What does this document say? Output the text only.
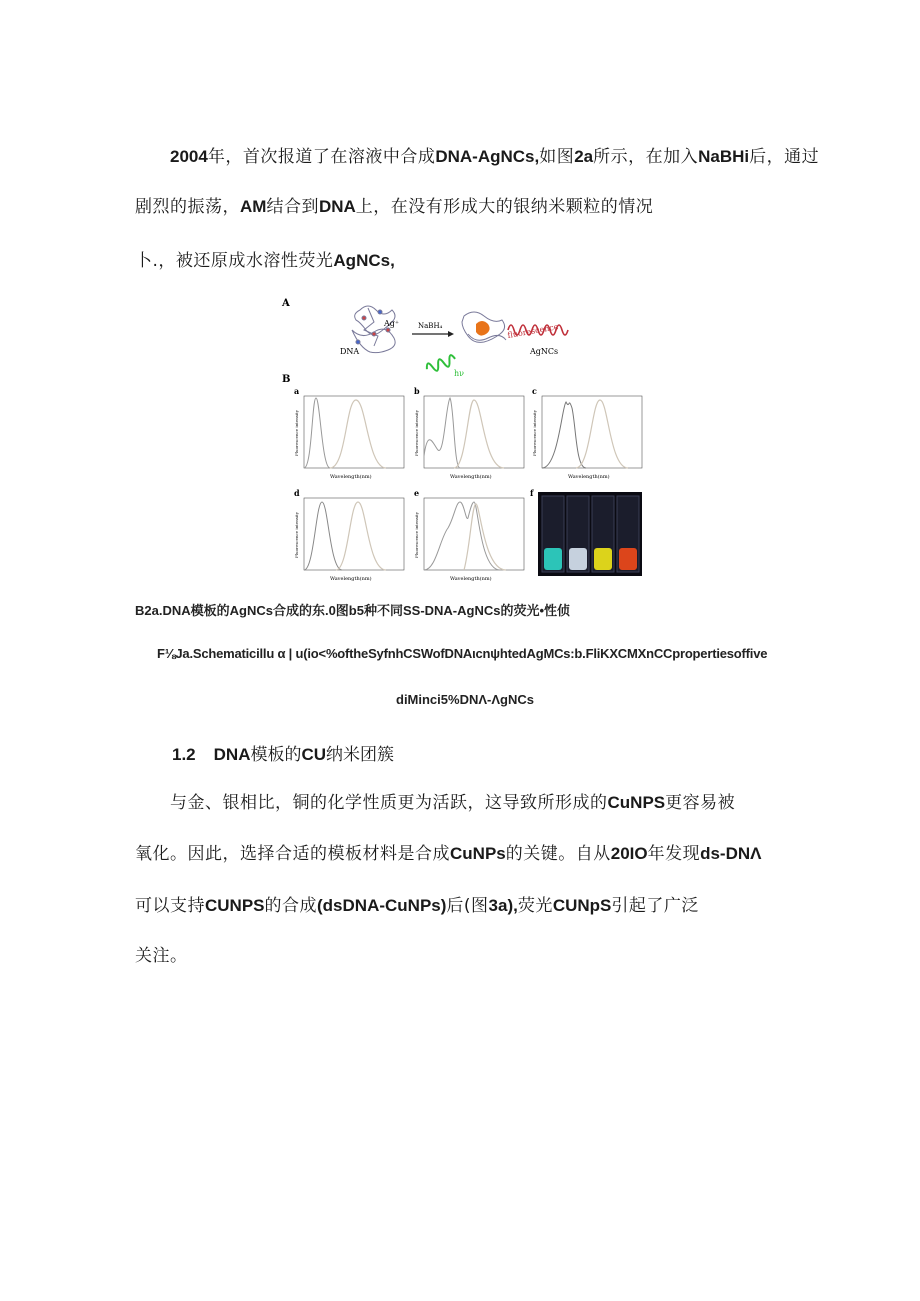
2004年，首次报道了在溶液中合成DNA-AgNCs,如图2a所示，在加入NaBHi后，通过
剧烈的振荡，AM结合到DNA上，在没有形成大的银纳米颗粒的情况
卜.，被还原成水溶性荧光AgNCs,
A
DNA
Ag⁺	NaBH₄	fluorescence
AgNCs
hν
B
a
Wavelength(nm)
Fluorescence intensity
b
Wavelength(nm)
Fluorescence intensity
c
Wavelength(nm)
Fluorescence intensity
d
Wavelength(nm)
Fluorescence intensity
e
Wavelength(nm)
Fluorescence intensity
f
B2a.DNA模板的AgNCs合成的东.0图b5种不同SS-DNA-AgNCs的荧光•性侦
F⅛Ja.Schematicillu α | u(io<%oftheSyfnhCSWofDNAιcnψhtedAgMCs:b.FliKXCMXnCCpropertiesoffive
diMinci5%DNΛ-ΛgNCs
1.2 DNA模板的CU纳米团簇
与金、银相比，铜的化学性质更为活跃，这导致所形成的CuNPS更容易被
氧化。因此，选择合适的模板材料是合成CuNPs的关键。自从20IO年发现ds-DNΛ
可以支持CUNPS的合成(dsDNA-CuNPs)后(图3a),荧光CUNpS引起了广泛
关注。
